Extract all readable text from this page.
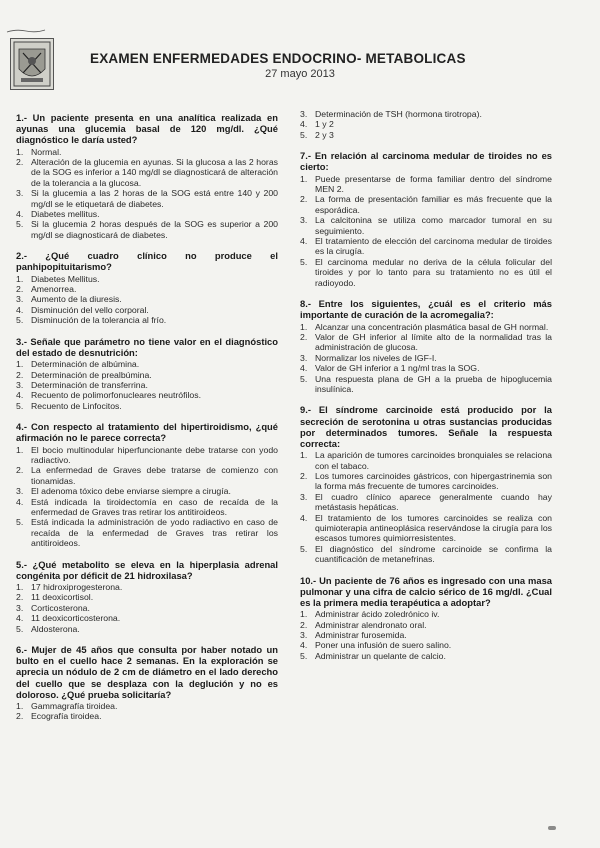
EXAMEN ENFERMEDADES ENDOCRINO- METABOLICAS
27 mayo 2013
1.- Un paciente presenta en una analítica realizada en ayunas una glucemia basal de 120 mg/dl. ¿Qué diagnóstico le daría usted?
1. Normal.
2. Alteración de la glucemia en ayunas. Si la glucosa a las 2 horas de la SOG es inferior a 140 mg/dl se diagnosticará de alteración de la tolerancia a la glucosa.
3. Si la glucemia a las 2 horas de la SOG está entre 140 y 200 mg/dl se le etiquetará de diabetes.
4. Diabetes mellitus.
5. Si la glucemia 2 horas después de la SOG es superior a 200 mg/dl se diagnosticará de diabetes.
2.- ¿Qué cuadro clínico no produce el panhipopituitarismo?
1. Diabetes Mellitus.
2. Amenorrea.
3. Aumento de la diuresis.
4. Disminución del vello corporal.
5. Disminución de la tolerancia al frío.
3.- Señale que parámetro no tiene valor en el diagnóstico del estado de desnutrición:
1. Determinación de albúmina.
2. Determinación de prealbúmina.
3. Determinación de transferrina.
4. Recuento de polimorfonucleares neutrófilos.
5. Recuento de Linfocitos.
4.- Con respecto al tratamiento del hipertiroidismo, ¿qué afirmación no le parece correcta?
1. El bocio multinodular hiperfuncionante debe tratarse con yodo radiactivo.
2. La enfermedad de Graves debe tratarse de comienzo con tionamidas.
3. El adenoma tóxico debe enviarse siempre a cirugía.
4. Está indicada la tiroidectomía en caso de recaída de la enfermedad de Graves tras retirar los antitiroideos.
5. Está indicada la administración de yodo radiactivo en caso de recaída de la enfermedad de Graves tras retirar los antitiroideos.
5.- ¿Qué metabolito se eleva en la hiperplasia adrenal congénita por déficit de 21 hidroxilasa?
1. 17 hidroxiprogesterona.
2. 11 deoxicortisol.
3. Corticosterona.
4. 11 deoxicorticosterona.
5. Aldosterona.
6.- Mujer de 45 años que consulta por haber notado un bulto en el cuello hace 2 semanas. En la exploración se aprecia un nódulo de 2 cm de diámetro en el lado derecho del cuello que se desplaza con la deglución y no es doloroso. ¿Qué prueba solicitaría?
1. Gammagrafía tiroidea.
2. Ecografía tiroidea.
3. Determinación de TSH (hormona tirotropa).
4. 1 y 2
5. 2 y 3
7.- En relación al carcinoma medular de tiroides no es cierto:
1. Puede presentarse de forma familiar dentro del síndrome MEN 2.
2. La forma de presentación familiar es más frecuente que la esporádica.
3. La calcitonina se utiliza como marcador tumoral en su seguimiento.
4. El tratamiento de elección del carcinoma medular de tiroides es la cirugía.
5. El carcinoma medular no deriva de la célula folicular del tiroides y por lo tanto para su tratamiento no es útil el radioyodo.
8.- Entre los siguientes, ¿cuál es el criterio más importante de curación de la acromegalia?:
1. Alcanzar una concentración plasmática basal de GH normal.
2. Valor de GH inferior al límite alto de la normalidad tras la administración de glucosa.
3. Normalizar los niveles de IGF-I.
4. Valor de GH inferior a 1 ng/ml tras la SOG.
5. Una respuesta plana de GH a la prueba de hipoglucemia insulínica.
9.- El síndrome carcinoide está producido por la secreción de serotonina u otras sustancias producidas por determinados tumores. Señale la respuesta correcta:
1. La aparición de tumores carcinoides bronquiales se relaciona con el tabaco.
2. Los tumores carcinoides gástricos, con hipergastrinemia son la forma más frecuente de tumores carcinoides.
3. El cuadro clínico aparece generalmente cuando hay metástasis hepáticas.
4. El tratamiento de los tumores carcinoides se realiza con quimioterapia antineoplásica reservándose la cirugía para los escasos tumores quimiorresistentes.
5. El diagnóstico del síndrome carcinoide se confirma la cuantificación de metanefrinas.
10.- Un paciente de 76 años es ingresado con una masa pulmonar y una cifra de calcio sérico de 16 mg/dl. ¿Cual es la primera media terapéutica a adoptar?
1. Administrar ácido zoledrónico iv.
2. Administrar alendronato oral.
3. Administrar furosemida.
4. Poner una infusión de suero salino.
5. Administrar un quelante de calcio.
